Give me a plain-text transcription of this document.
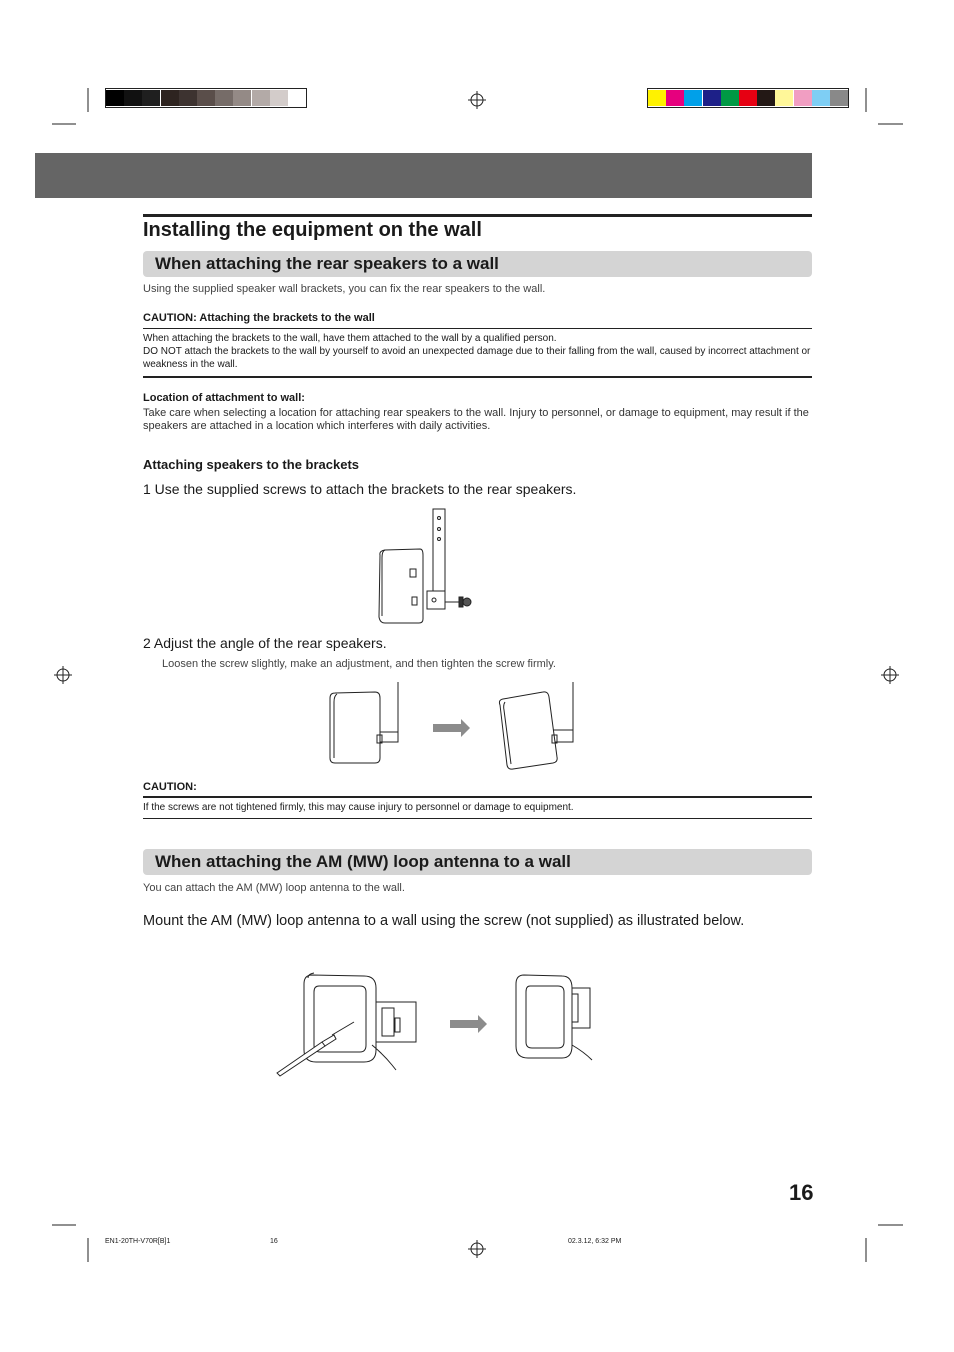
Installing the equipment on the wall
When attaching the rear speakers to a wall
Using the supplied speaker wall brackets, you can fix the rear speakers to the wall.
CAUTION: Attaching the brackets to the wall
When attaching the brackets to the wall, have them attached to the wall by a qualified person.
DO NOT attach the brackets to the wall by yourself to avoid an unexpected damage due to their falling from the wall, caused by incorrect attachment or weakness in the wall.
Location of attachment to wall:
Take care when selecting a location for attaching rear speakers to the wall. Injury to personnel, or damage to equipment, may result if the speakers are attached in a location which interferes with daily activities.
Attaching speakers to the brackets
1 Use the supplied screws to attach the brackets to the rear speakers.
2 Adjust the angle of the rear speakers.
Loosen the screw slightly, make an adjustment, and then tighten the screw firmly.
CAUTION:
If the screws are not tightened firmly, this may cause injury to personnel or damage to equipment.
When attaching the AM (MW) loop antenna to a wall
You can attach the AM (MW) loop antenna to the wall.
Mount the AM (MW) loop antenna to a wall using the screw (not supplied) as illustrated below.
16
EN1-20TH-V70R[B]1	16	02.3.12, 6:32 PM
